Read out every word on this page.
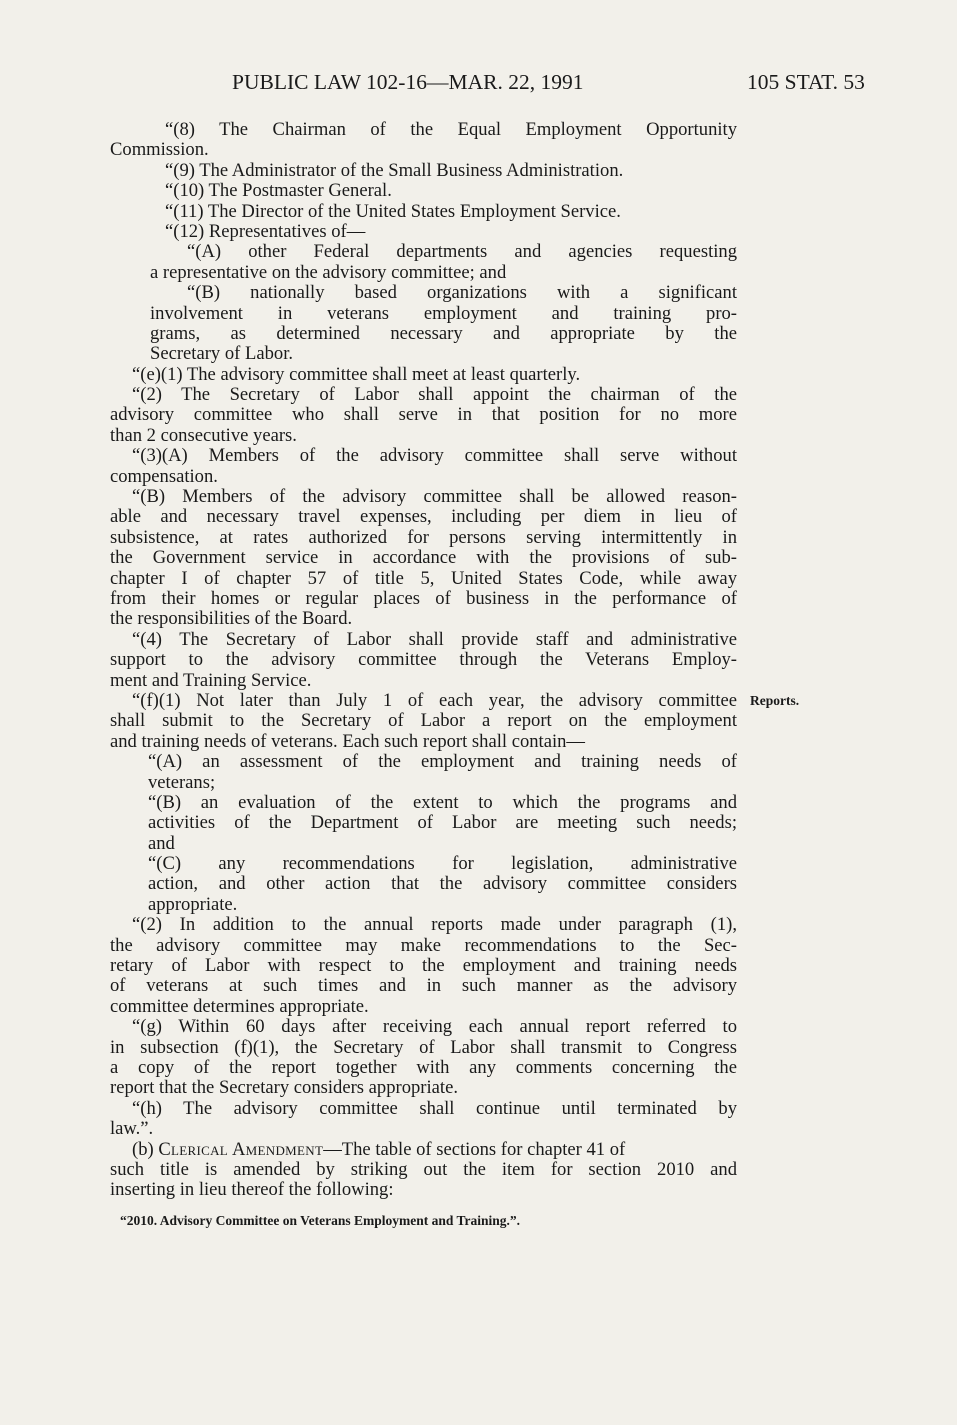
PUBLIC LAW 102-16—MAR. 22, 1991	105 STAT. 53
“(8) The Chairman of the Equal Employment Opportunity
Commission.
“(9) The Administrator of the Small Business Administration.
“(10) The Postmaster General.
“(11) The Director of the United States Employment Service.
“(12) Representatives of—
“(A) other Federal departments and agencies requesting
a representative on the advisory committee; and
“(B) nationally based organizations with a significant
involvement in veterans employment and training pro-
grams, as determined necessary and appropriate by the
Secretary of Labor.
“(e)(1) The advisory committee shall meet at least quarterly.
“(2) The Secretary of Labor shall appoint the chairman of the
advisory committee who shall serve in that position for no more
than 2 consecutive years.
“(3)(A) Members of the advisory committee shall serve without
compensation.
“(B) Members of the advisory committee shall be allowed reason-
able and necessary travel expenses, including per diem in lieu of
subsistence, at rates authorized for persons serving intermittently in
the Government service in accordance with the provisions of sub-
chapter I of chapter 57 of title 5, United States Code, while away
from their homes or regular places of business in the performance of
the responsibilities of the Board.
“(4) The Secretary of Labor shall provide staff and administrative
support to the advisory committee through the Veterans Employ-
ment and Training Service.
“(f)(1) Not later than July 1 of each year, the advisory committee
shall submit to the Secretary of Labor a report on the employment
and training needs of veterans. Each such report shall contain—
“(A) an assessment of the employment and training needs of
veterans;
“(B) an evaluation of the extent to which the programs and
activities of the Department of Labor are meeting such needs;
and
“(C) any recommendations for legislation, administrative
action, and other action that the advisory committee considers
appropriate.
“(2) In addition to the annual reports made under paragraph (1),
the advisory committee may make recommendations to the Sec-
retary of Labor with respect to the employment and training needs
of veterans at such times and in such manner as the advisory
committee determines appropriate.
“(g) Within 60 days after receiving each annual report referred to
in subsection (f)(1), the Secretary of Labor shall transmit to Congress
a copy of the report together with any comments concerning the
report that the Secretary considers appropriate.
“(h) The advisory committee shall continue until terminated by
law.”.
(b) Clerical Amendment—The table of sections for chapter 41 of
such title is amended by striking out the item for section 2010 and
inserting in lieu thereof the following:
Reports.
“2010. Advisory Committee on Veterans Employment and Training.”.
